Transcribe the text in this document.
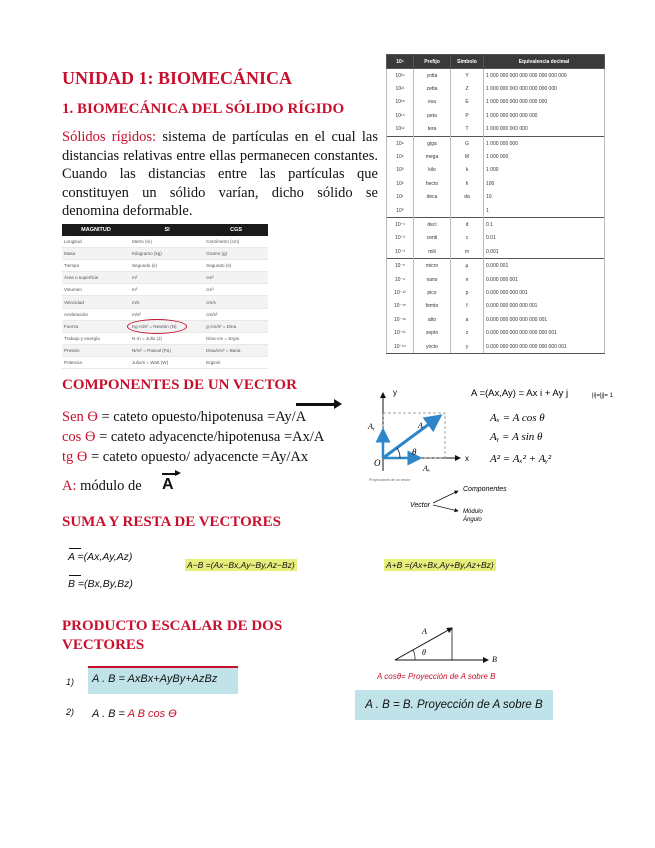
UNIDAD 1: BIOMECÁNICA
1. BIOMECÁNICA DEL SÓLIDO RÍGIDO
Sólidos rígidos: sistema de partículas en el cual las distancias relativas entre ellas permanecen constantes. Cuando las distancias entre las partículas que constituyen un sólido varían, dicho sólido se denomina deformable.
10ⁿ	Prefijo	Símbolo	Equivalencia decimal
10²⁴	yotta	Y	1 000 000 000 000 000 000 000 000
10²¹	zetta	Z	1 000 000 000 000 000 000 000
10¹⁸	exa	E	1 000 000 000 000 000 000
10¹⁵	peta	P	1 000 000 000 000 000
10¹²	tera	T	1 000 000 000 000
10⁹	giga	G	1 000 000 000
10⁶	mega	M	1 000 000
10³	kilo	k	1 000
10²	hecto	h	100
10¹	deca	da	10
10⁰			1
10⁻¹	deci	d	0.1
10⁻²	centi	c	0.01
10⁻³	mili	m	0.001
10⁻⁶	micro	µ	0.000 001
10⁻⁹	nano	n	0.000 000 001
10⁻¹²	pico	p	0.000 000 000 001
10⁻¹⁵	femto	f	0.000 000 000 000 001
10⁻¹⁸	atto	a	0.000 000 000 000 000 001
10⁻²¹	zepto	z	0.000 000 000 000 000 000 001
10⁻²⁴	yocto	y	0.000 000 000 000 000 000 000 001
MAGNITUD	SI	CGS
Longitud	Metro (m)	Centímetro (cm)
Masa	Kilogramo (kg)	Gramo (g)
Tiempo	Segundo (s)	Segundo (s)
Área o superficie	m²	cm²
Volumen	m³	cm³
Velocidad	m/s	cm/s
Aceleración	m/s²	cm/s²
Fuerza	Kg·m/s² = Newton (N)	g·cm/s² = Dina
Trabajo y energía	N·m = Julio (J)	Dina·cm = Ergio
Presión	N/m² = Pascal (Pa)	Dina/cm² = Baria
Potencia	Julio/s = Watt (W)	Ergio/s
COMPONENTES DE UN VECTOR
Sen Ɵ = cateto opuesto/hipotenusa =Ay/A
cos Ɵ = cateto adyacencte/hipotenusa =Ax/A
tg Ɵ = cateto opuesto/ adyacencte =Ay/Ax
A: módulo de A
y
x
O
θ
A
Aₓ
Aᵧ
Proyecciones de un vector
A =(Ax,Ay) = Ax i + Ay j	|i|=|j|= 1
Aₓ = A cos θ
Aᵧ = A sin θ
A² = Aₓ² + Aᵧ²
Vector
Componentes
Módulo
Ángulo
SUMA Y RESTA DE VECTORES
A =(Ax,Ay,Az)
B =(Bx,By,Bz)
A−B =(Ax−Bx,Ay−By,Az−Bz)	A+B =(Ax+Bx,Ay+By,Az+Bz)
PRODUCTO ESCALAR DE DOS VECTORES
1) A . B = AxBx+AyBy+AzBz
2) A . B = A B cos Ɵ
θ
A
B
A cosθ= Proyección de A sobre B
A . B = B. Proyección de A sobre B
